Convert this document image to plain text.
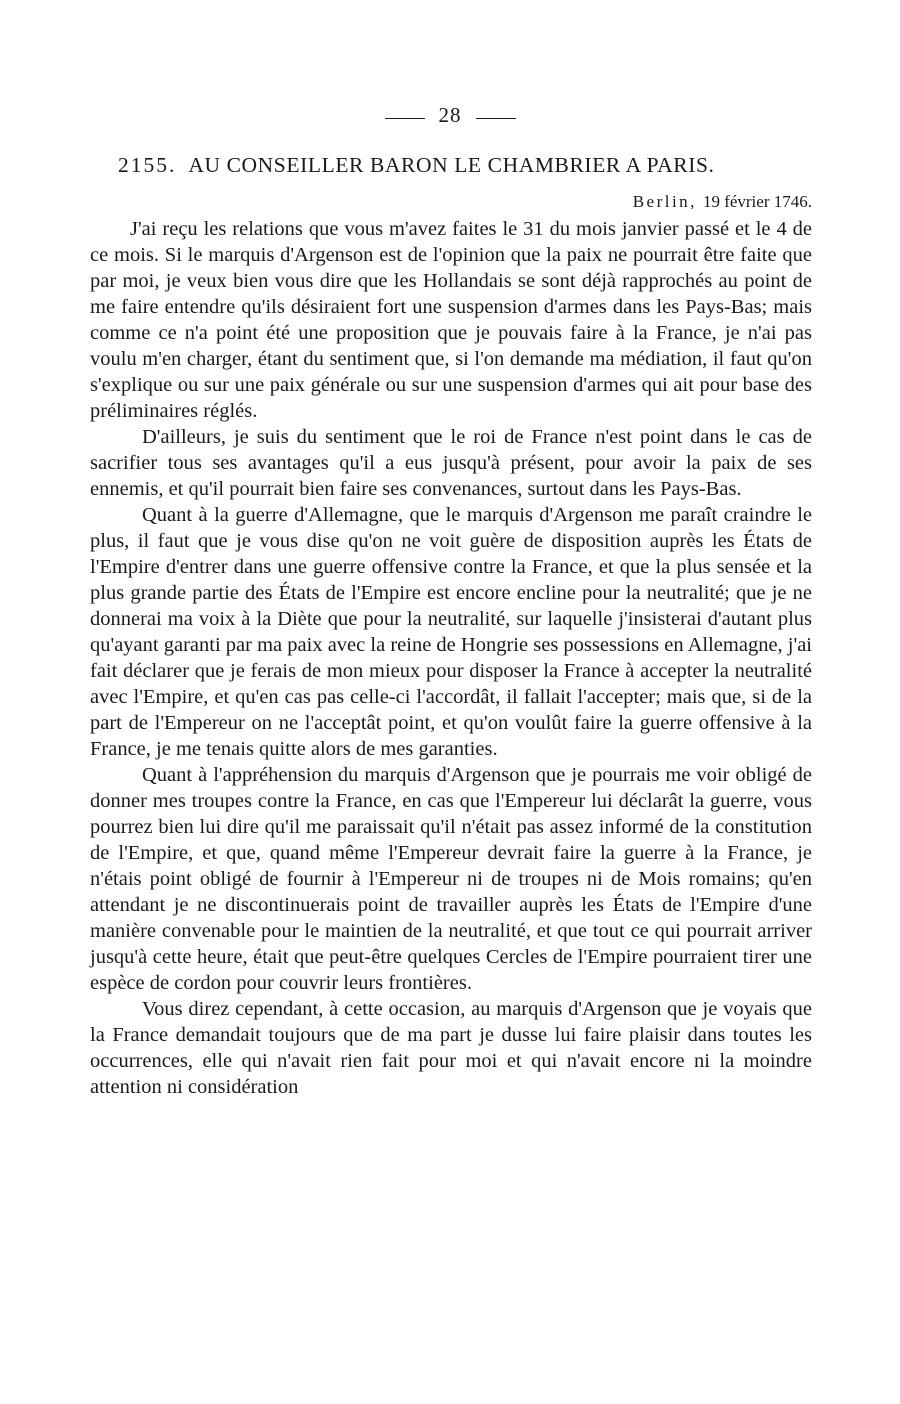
28
2155. AU CONSEILLER BARON LE CHAMBRIER A PARIS.
Berlin, 19 février 1746.

J'ai reçu les relations que vous m'avez faites le 31 du mois janvier passé et le 4 de ce mois. Si le marquis d'Argenson est de l'opinion que la paix ne pourrait être faite que par moi, je veux bien vous dire que les Hollandais se sont déjà rapprochés au point de me faire entendre qu'ils désiraient fort une suspension d'armes dans les Pays-Bas; mais comme ce n'a point été une proposition que je pouvais faire à la France, je n'ai pas voulu m'en charger, étant du sentiment que, si l'on demande ma médiation, il faut qu'on s'explique ou sur une paix générale ou sur une suspension d'armes qui ait pour base des préliminaires réglés.

D'ailleurs, je suis du sentiment que le roi de France n'est point dans le cas de sacrifier tous ses avantages qu'il a eus jusqu'à présent, pour avoir la paix de ses ennemis, et qu'il pourrait bien faire ses convenances, surtout dans les Pays-Bas.

Quant à la guerre d'Allemagne, que le marquis d'Argenson me paraît craindre le plus, il faut que je vous dise qu'on ne voit guère de disposition auprès les États de l'Empire d'entrer dans une guerre offensive contre la France, et que la plus sensée et la plus grande partie des États de l'Empire est encore encline pour la neutralité; que je ne donnerai ma voix à la Diète que pour la neutralité, sur laquelle j'insisterai d'autant plus qu'ayant garanti par ma paix avec la reine de Hongrie ses possessions en Allemagne, j'ai fait déclarer que je ferais de mon mieux pour disposer la France à accepter la neutralité avec l'Empire, et qu'en cas pas celle-ci l'accordât, il fallait l'accepter; mais que, si de la part de l'Empereur on ne l'acceptât point, et qu'on voulût faire la guerre offensive à la France, je me tenais quitte alors de mes garanties.

Quant à l'appréhension du marquis d'Argenson que je pourrais me voir obligé de donner mes troupes contre la France, en cas que l'Empereur lui déclarât la guerre, vous pourrez bien lui dire qu'il me paraissait qu'il n'était pas assez informé de la constitution de l'Empire, et que, quand même l'Empereur devrait faire la guerre à la France, je n'étais point obligé de fournir à l'Empereur ni de troupes ni de Mois romains; qu'en attendant je ne discontinuerais point de travailler auprès les États de l'Empire d'une manière convenable pour le maintien de la neutralité, et que tout ce qui pourrait arriver jusqu'à cette heure, était que peut-être quelques Cercles de l'Empire pourraient tirer une espèce de cordon pour couvrir leurs frontières.

Vous direz cependant, à cette occasion, au marquis d'Argenson que je voyais que la France demandait toujours que de ma part je dusse lui faire plaisir dans toutes les occurrences, elle qui n'avait rien fait pour moi et qui n'avait encore ni la moindre attention ni considération
